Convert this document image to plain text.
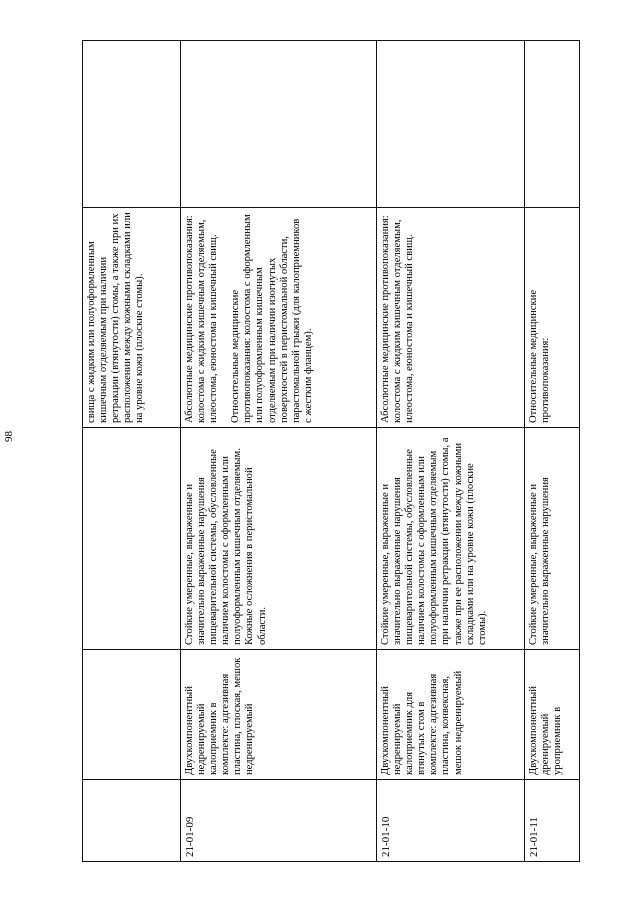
98

свища с жидким или полуоформленным кишечным отделяемым при наличии ретракции (втянутости) стомы, а также при их расположении между кожными складками или на уровне кожи (плоские стомы).

21-01-09

Двухкомпонентный недренируемый калоприемник в комплекте: адгезивная пластина, плоская, мешок недренируемый

Стойкие умеренные, выраженные и значительно выраженные нарушения пищеварительной системы, обусловленные наличием колостомы с оформленным или полуоформленным кишечным отделяемым. Кожные осложнения в перистомальной области.

Абсолютные медицинские противопоказания: колостома с жидким кишечным отделяемым, илеостома, еюностома и кишечный свищ. Относительные медицинские противопоказания: колостома с оформленным или полуоформленным кишечным отделяемым при наличии изогнутых поверхностей в перистомальной области, парастомальной грыжи (для калоприемников с жестким фланцем).

21-01-10

Двухкомпонентный недренируемый калоприемник для втянутых стом в комплекте: адгезивная пластина, конвексная, мешок недренируемый

Стойкие умеренные, выраженные и значительно выраженные нарушения пищеварительной системы, обусловленные наличием колостомы с оформленным или полуоформленным кишечным отделяемым при наличии ретракции (втянутости) стомы, а также при ее расположении между кожными складками или на уровне кожи (плоские стомы).

Абсолютные медицинские противопоказания: колостома с жидким кишечным отделяемым, илеостома, еюностома и кишечный свищ.

21-01-11

Двухкомпонентный дренируемый уроприемник в

Стойкие умеренные, выраженные и значительно выраженные нарушения

Относительные медицинские противопоказания:
